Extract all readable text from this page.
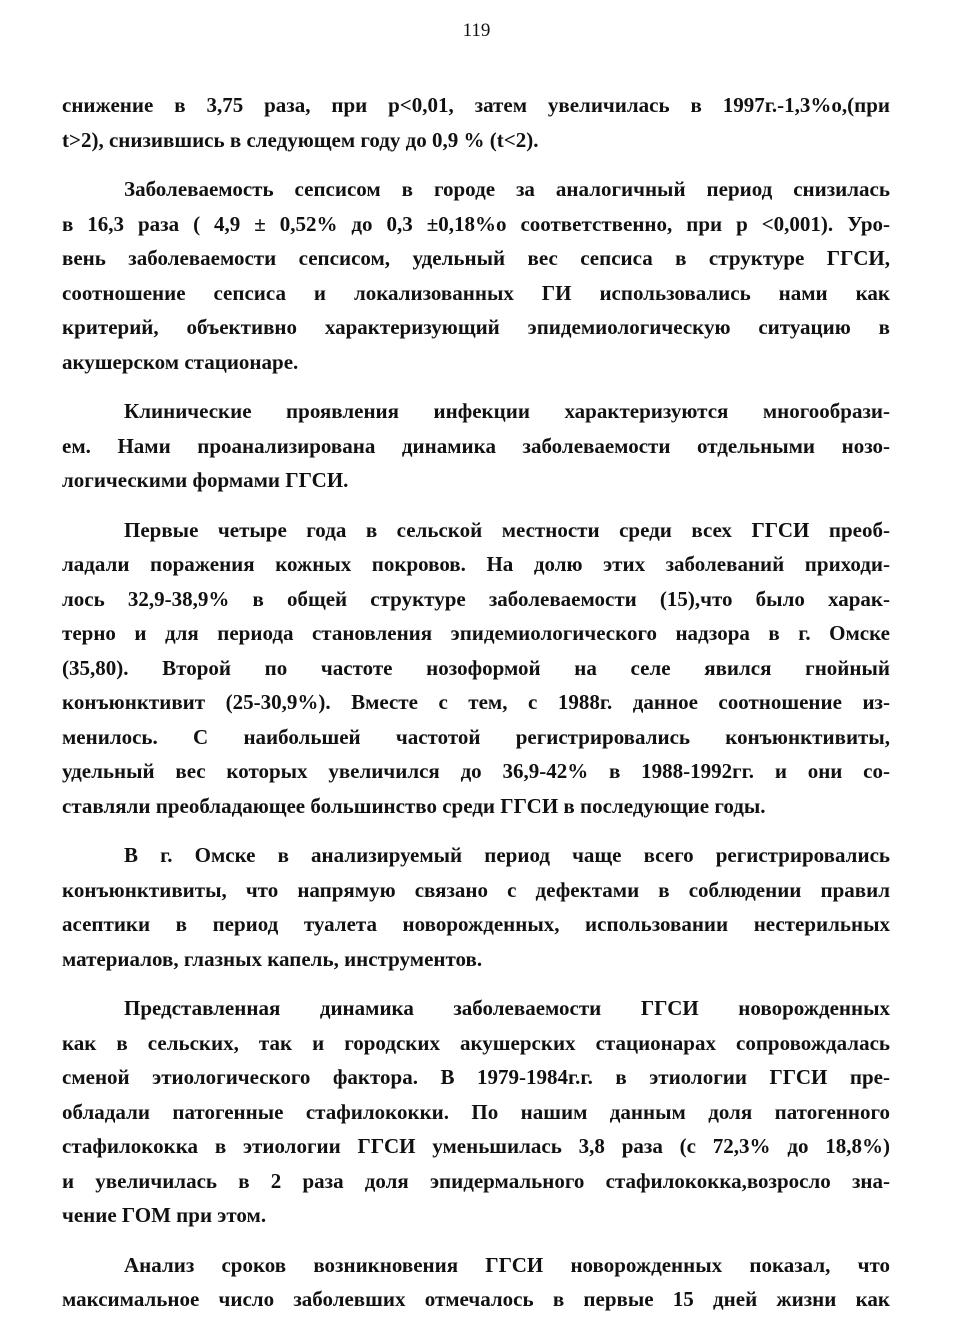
119

снижение в 3,75 раза, при р<0,01, затем увеличилась в 1997г.-1,3%о,(при
t>2), снизившись в следующем году до 0,9 % (t<2).

Заболеваемость сепсисом в городе за аналогичный период снизилась
в 16,3 раза ( 4,9 ± 0,52% до 0,3 ±0,18%о соответственно, при р <0,001). Уро-
вень заболеваемости сепсисом, удельный вес сепсиса в структуре ГГСИ,
соотношение сепсиса и локализованных ГИ использовались нами как
критерий, объективно характеризующий эпидемиологическую ситуацию в
акушерском стационаре.

Клинические проявления инфекции характеризуются многообрази-
ем. Нами проанализирована динамика заболеваемости отдельными нозо-
логическими формами ГГСИ.

Первые четыре года в сельской местности среди всех ГГСИ преоб-
ладали поражения кожных покровов. На долю этих заболеваний приходи-
лось 32,9-38,9% в общей структуре заболеваемости (15),что было харак-
терно и для периода становления эпидемиологического надзора в г. Омске
(35,80). Второй по частоте нозоформой на селе явился гнойный
конъюнктивит (25-30,9%). Вместе с тем, с 1988г. данное соотношение из-
менилось. С наибольшей частотой регистрировались конъюнктивиты,
удельный вес которых увеличился до 36,9-42% в 1988-1992гг. и они со-
ставляли преобладающее большинство среди ГГСИ в последующие годы.

В г. Омске в анализируемый период чаще всего регистрировались
конъюнктивиты, что напрямую связано с дефектами в соблюдении правил
асептики в период туалета новорожденных, использовании нестерильных
материалов, глазных капель, инструментов.

Представленная динамика заболеваемости ГГСИ новорожденных
как в сельских, так и городских акушерских стационарах сопровождалась
сменой этиологического фактора. В 1979-1984г.г. в этиологии ГГСИ пре-
обладали патогенные стафилококки. По нашим данным доля патогенного
стафилококка в этиологии ГГСИ уменьшилась 3,8 раза (с 72,3% до 18,8%)
и увеличилась в 2 раза доля эпидермального стафилококка,возросло зна-
чение ГОМ при этом.

Анализ сроков возникновения ГГСИ новорожденных показал, что
максимальное число заболевших отмечалось в первые 15 дней жизни как
